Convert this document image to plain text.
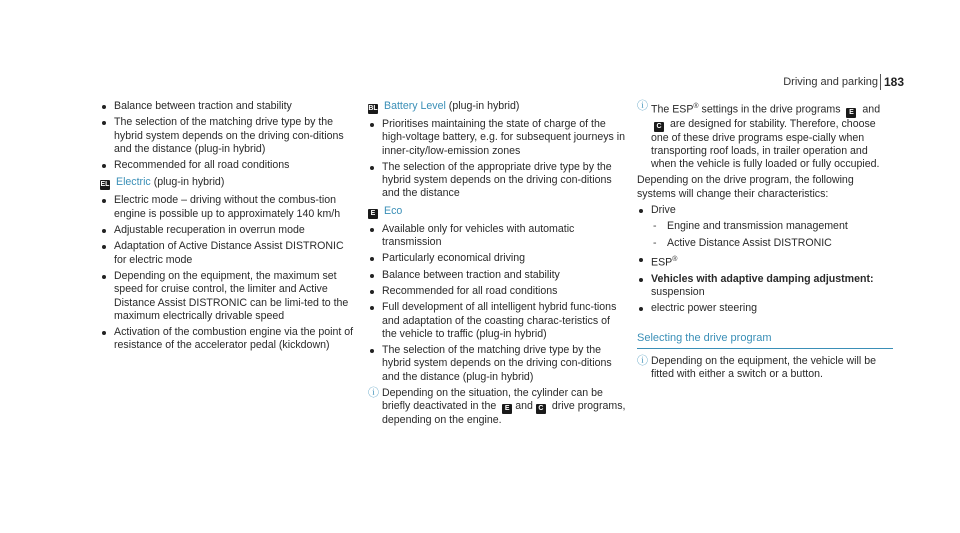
Driving and parking 183
Balance between traction and stability
The selection of the matching drive type by the hybrid system depends on the driving con-ditions and the distance (plug-in hybrid)
Recommended for all road conditions
EL Electric (plug-in hybrid)
Electric mode – driving without the combus-tion engine is possible up to approximately 140 km/h
Adjustable recuperation in overrun mode
Adaptation of Active Distance Assist DISTRONIC for electric mode
Depending on the equipment, the maximum set speed for cruise control, the limiter and Active Distance Assist DISTRONIC can be limi-ted to the maximum electrically drivable speed
Activation of the combustion engine via the point of resistance of the accelerator pedal (kickdown)
BL Battery Level (plug-in hybrid)
Prioritises maintaining the state of charge of the high-voltage battery, e.g. for subsequent journeys in inner-city/low-emission zones
The selection of the appropriate drive type by the hybrid system depends on the driving con-ditions and the distance
E Eco
Available only for vehicles with automatic transmission
Particularly economical driving
Balance between traction and stability
Recommended for all road conditions
Full development of all intelligent hybrid func-tions and adaptation of the coasting charac-teristics of the vehicle to traffic (plug-in hybrid)
The selection of the matching drive type by the hybrid system depends on the driving con-ditions and the distance (plug-in hybrid)
ⓘ Depending on the situation, the cylinder can be briefly deactivated in the E and C drive programs, depending on the engine.
ⓘ The ESP® settings in the drive programs E and C are designed for stability. Therefore, choose one of these drive programs espe-cially when transporting roof loads, in trailer operation and when the vehicle is fully loaded or fully occupied.
Depending on the drive program, the following systems will change their characteristics:
Drive
- Engine and transmission management
- Active Distance Assist DISTRONIC
ESP®
Vehicles with adaptive damping adjustment:
suspension
electric power steering
Selecting the drive program
ⓘ Depending on the equipment, the vehicle will be fitted with either a switch or a button.
